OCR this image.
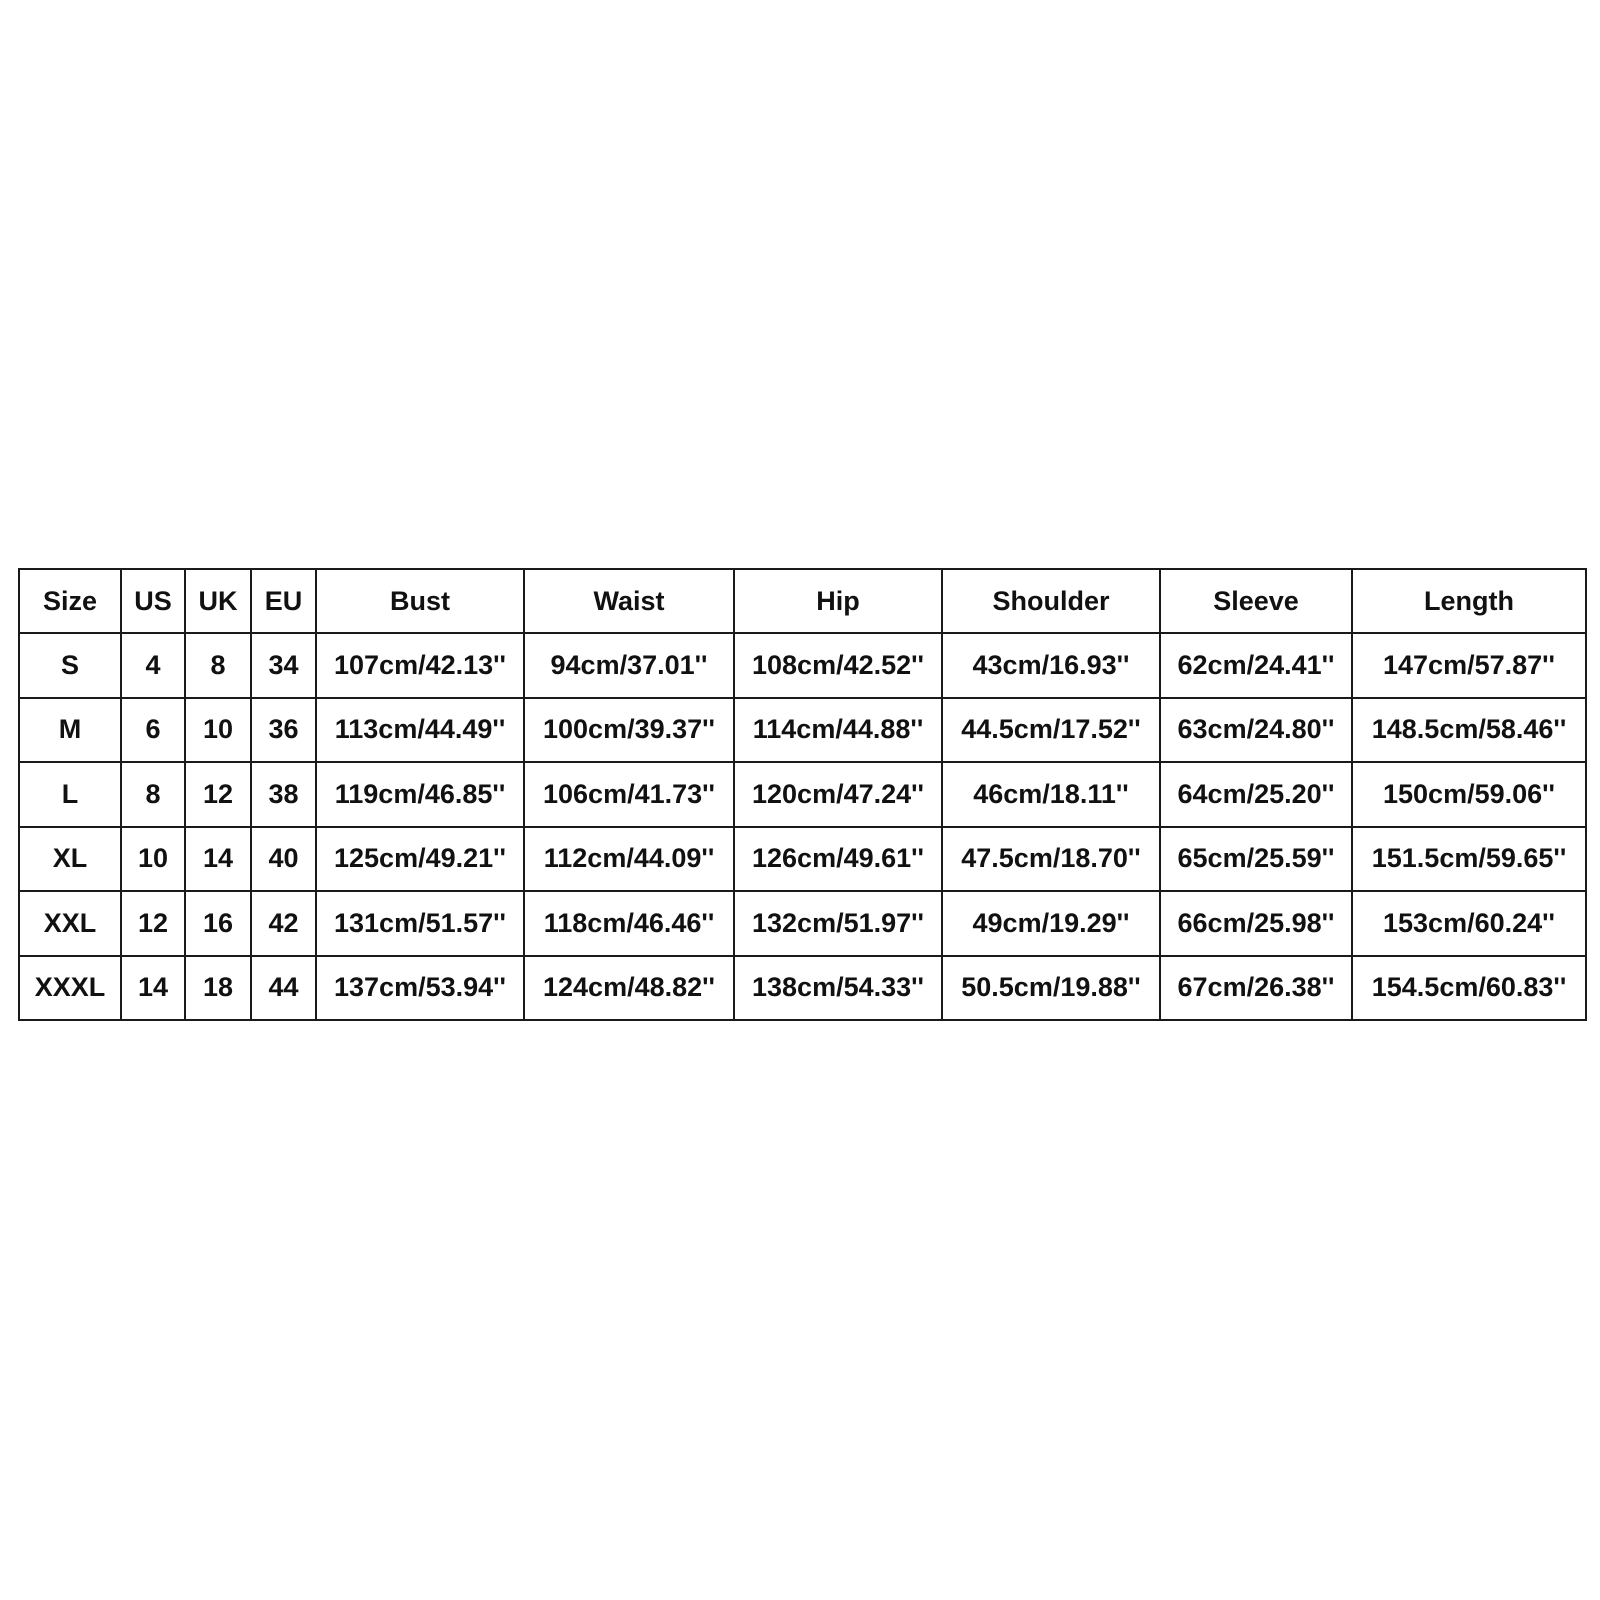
Size	US	UK	EU	Bust	Waist	Hip	Shoulder	Sleeve	Length
S	4	8	34	107cm/42.13''	94cm/37.01''	108cm/42.52''	43cm/16.93''	62cm/24.41''	147cm/57.87''
M	6	10	36	113cm/44.49''	100cm/39.37''	114cm/44.88''	44.5cm/17.52''	63cm/24.80''	148.5cm/58.46''
L	8	12	38	119cm/46.85''	106cm/41.73''	120cm/47.24''	46cm/18.11''	64cm/25.20''	150cm/59.06''
XL	10	14	40	125cm/49.21''	112cm/44.09''	126cm/49.61''	47.5cm/18.70''	65cm/25.59''	151.5cm/59.65''
XXL	12	16	42	131cm/51.57''	118cm/46.46''	132cm/51.97''	49cm/19.29''	66cm/25.98''	153cm/60.24''
XXXL	14	18	44	137cm/53.94''	124cm/48.82''	138cm/54.33''	50.5cm/19.88''	67cm/26.38''	154.5cm/60.83''
